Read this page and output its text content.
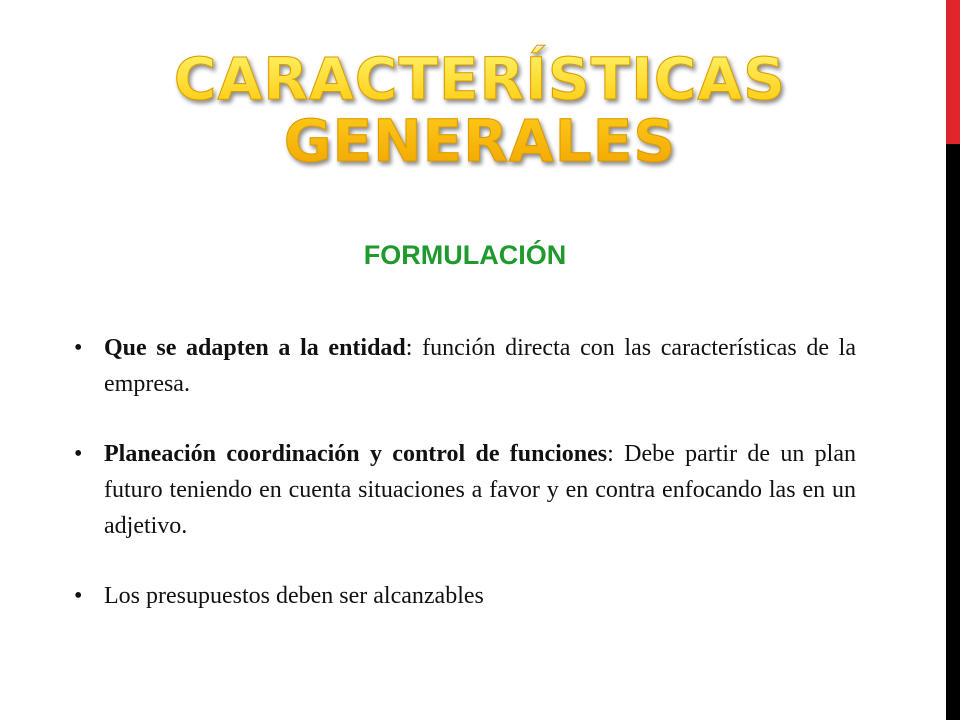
CARACTERÍSTICAS
GENERALES
FORMULACIÓN
• Que se adapten a la entidad: función directa con las características de la empresa.
• Planeación coordinación y control de funciones: Debe partir de un plan futuro teniendo en cuenta situaciones a favor y en contra enfocando las en un adjetivo.
• Los presupuestos deben ser alcanzables
